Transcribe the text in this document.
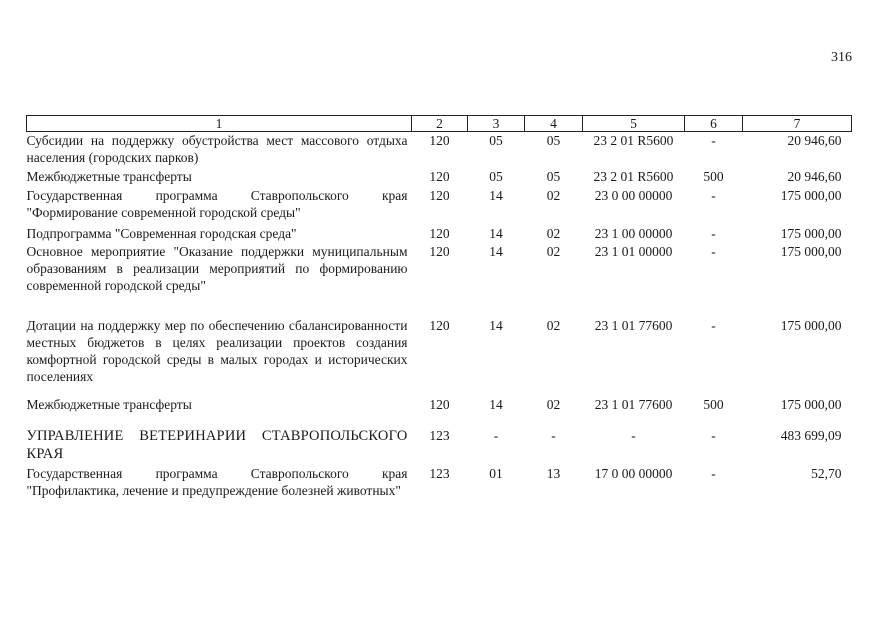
316
1	2	3	4	5	6	7
Субсидии на поддержку обустройства мест массового отдыха населения (городских парков)	120	05	05	23 2 01 R5600	-	20 946,60
Межбюджетные трансферты	120	05	05	23 2 01 R5600	500	20 946,60
Государственная программа Ставропольского края "Формирование современной городской среды"	120	14	02	23 0 00 00000	-	175 000,00
Подпрограмма "Современная городская среда"	120	14	02	23 1 00 00000	-	175 000,00
Основное мероприятие "Оказание поддержки муниципальным образованиям в реализации мероприятий по формированию современной городской среды"	120	14	02	23 1 01 00000	-	175 000,00
Дотации на поддержку мер по обеспечению сбалансированности местных бюджетов в целях реализации проектов создания комфортной городской среды в малых городах и исторических поселениях	120	14	02	23 1 01 77600	-	175 000,00
Межбюджетные трансферты	120	14	02	23 1 01 77600	500	175 000,00
УПРАВЛЕНИЕ ВЕТЕРИНАРИИ СТАВРОПОЛЬСКОГО КРАЯ	123	-	-	-	-	483 699,09
Государственная программа Ставропольского края "Профилактика, лечение и предупреждение болезней животных"	123	01	13	17 0 00 00000	-	52,70
